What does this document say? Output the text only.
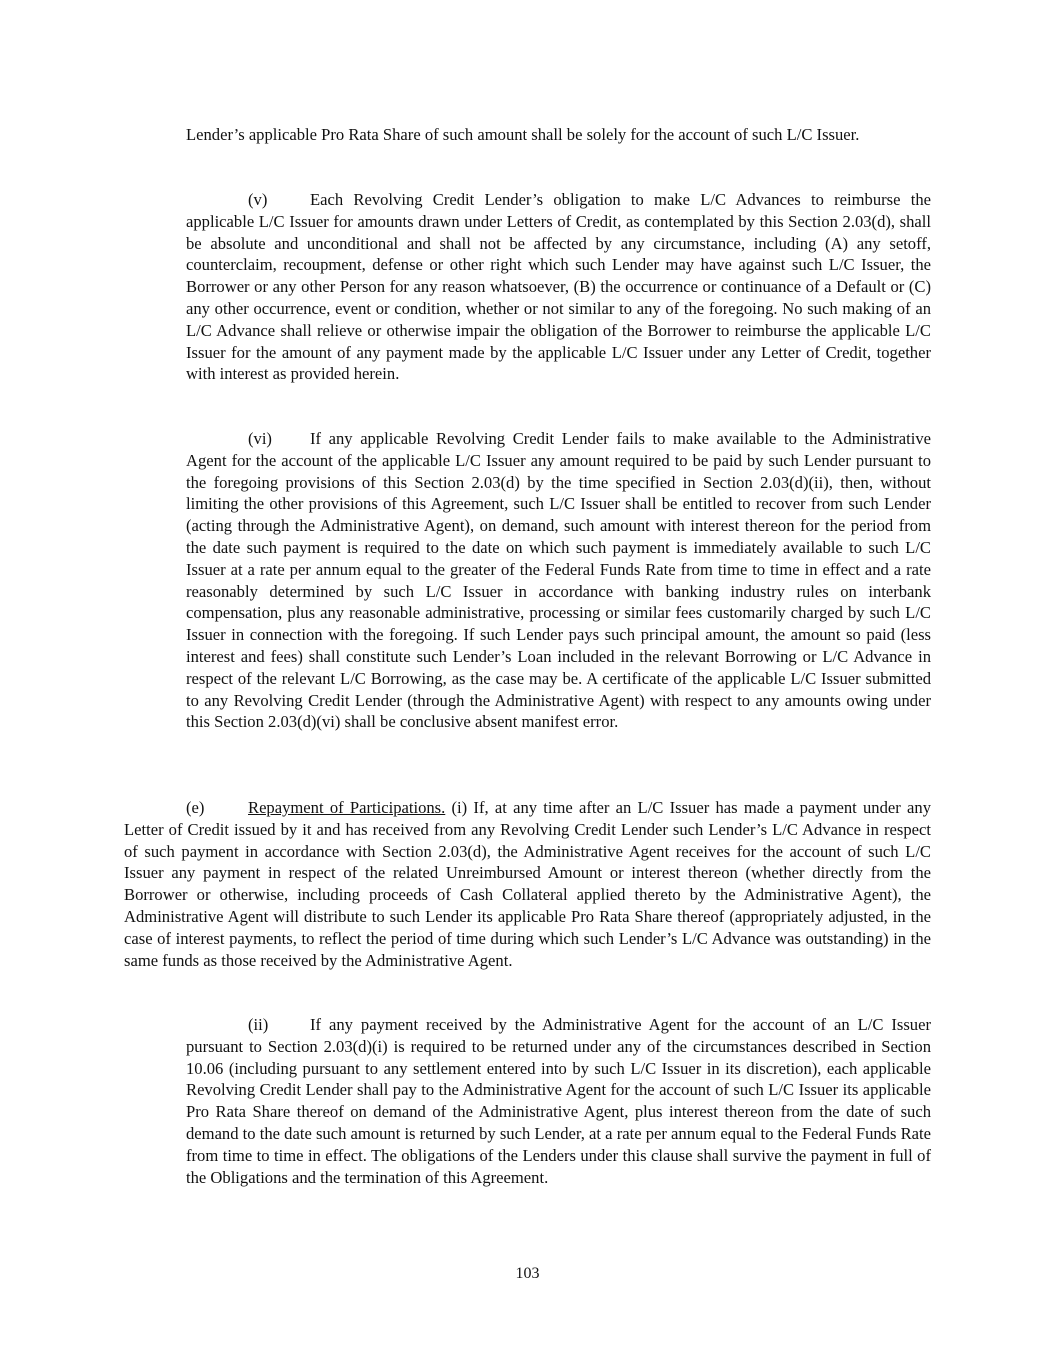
Lender’s applicable Pro Rata Share of such amount shall be solely for the account of such L/C Issuer.

(v)	Each Revolving Credit Lender’s obligation to make L/C Advances to reimburse the applicable L/C Issuer for amounts drawn under Letters of Credit, as contemplated by this Section 2.03(d), shall be absolute and unconditional and shall not be affected by any circumstance, including (A) any setoff, counterclaim, recoupment, defense or other right which such Lender may have against such L/C Issuer, the Borrower or any other Person for any reason whatsoever, (B) the occurrence or continuance of a Default or (C) any other occurrence, event or condition, whether or not similar to any of the foregoing. No such making of an L/C Advance shall relieve or otherwise impair the obligation of the Borrower to reimburse the applicable L/C Issuer for the amount of any payment made by the applicable L/C Issuer under any Letter of Credit, together with interest as provided herein.

(vi) If any applicable Revolving Credit Lender fails to make available to the Administrative Agent for the account of the applicable L/C Issuer any amount required to be paid by such Lender pursuant to the foregoing provisions of this Section 2.03(d) by the time specified in Section 2.03(d)(ii), then, without limiting the other provisions of this Agreement, such L/C Issuer shall be entitled to recover from such Lender (acting through the Administrative Agent), on demand, such amount with interest thereon for the period from the date such payment is required to the date on which such payment is immediately available to such L/C Issuer at a rate per annum equal to the greater of the Federal Funds Rate from time to time in effect and a rate reasonably determined by such L/C Issuer in accordance with banking industry rules on interbank compensation, plus any reasonable administrative, processing or similar fees customarily charged by such L/C Issuer in connection with the foregoing. If such Lender pays such principal amount, the amount so paid (less interest and fees) shall constitute such Lender’s Loan included in the relevant Borrowing or L/C Advance in respect of the relevant L/C Borrowing, as the case may be. A certificate of the applicable L/C Issuer submitted to any Revolving Credit Lender (through the Administrative Agent) with respect to any amounts owing under this Section 2.03(d)(vi) shall be conclusive absent manifest error.

(e)	Repayment of Participations. (i) If, at any time after an L/C Issuer has made a payment under any Letter of Credit issued by it and has received from any Revolving Credit Lender such Lender’s L/C Advance in respect of such payment in accordance with Section 2.03(d), the Administrative Agent receives for the account of such L/C Issuer any payment in respect of the related Unreimbursed Amount or interest thereon (whether directly from the Borrower or otherwise, including proceeds of Cash Collateral applied thereto by the Administrative Agent), the Administrative Agent will distribute to such Lender its applicable Pro Rata Share thereof (appropriately adjusted, in the case of interest payments, to reflect the period of time during which such Lender’s L/C Advance was outstanding) in the same funds as those received by the Administrative Agent.

(ii)	If any payment received by the Administrative Agent for the account of an L/C Issuer pursuant to Section 2.03(d)(i) is required to be returned under any of the circumstances described in Section 10.06 (including pursuant to any settlement entered into by such L/C Issuer in its discretion), each applicable Revolving Credit Lender shall pay to the Administrative Agent for the account of such L/C Issuer its applicable Pro Rata Share thereof on demand of the Administrative Agent, plus interest thereon from the date of such demand to the date such amount is returned by such Lender, at a rate per annum equal to the Federal Funds Rate from time to time in effect. The obligations of the Lenders under this clause shall survive the payment in full of the Obligations and the termination of this Agreement.

103
